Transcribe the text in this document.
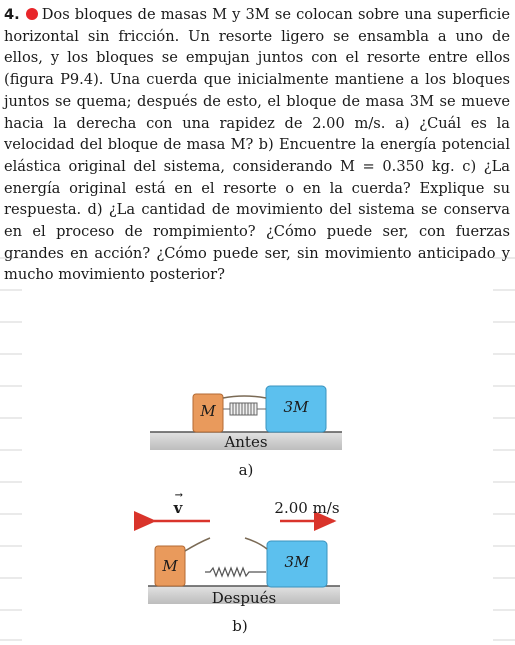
4. Dos bloques de masas M y 3M se colocan sobre una superficie horizontal sin fricción. Un resorte ligero se ensambla a uno de ellos, y los bloques se empujan juntos con el resorte entre ellos (figura P9.4). Una cuerda que inicialmente mantiene a los bloques juntos se quema; después de esto, el bloque de masa 3M se mueve hacia la derecha con una rapidez de 2.00 m/s. a) ¿Cuál es la velocidad del bloque de masa M? b) Encuentre la energía potencial elástica original del sistema, considerando M = 0.350 kg. c) ¿La energía original está en el resorte o en la cuerda? Explique su respuesta. d) ¿La cantidad de movimiento del sistema se conserva en el proceso de rompimiento? ¿Cómo puede ser, con fuerzas grandes en acción? ¿Cómo puede ser, sin movimiento anticipado y mucho movimiento posterior?

M	3M
Antes
a)
→
v	2.00 m/s
M	3M
Después
b)
